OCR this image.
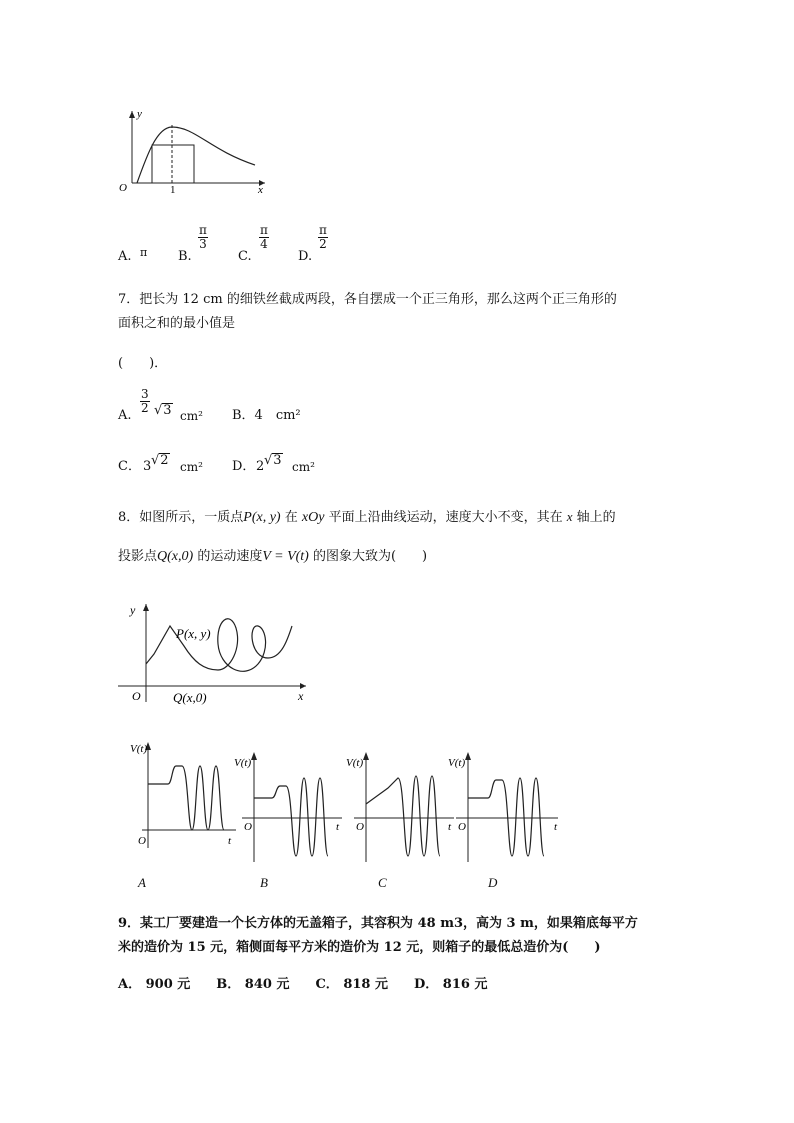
y
O	1	x
A. π B.
$\frac{\pi}{3}$
C.
$\frac{\pi}{4}$
D.
$\frac{\pi}{2}$
7．把长为 12 cm 的细铁丝截成两段，各自摆成一个正三角形，那么这两个正三角形的
面积之和的最小值是
(　　)．
A.
$\frac{3}{2} √3$ cm² B．4　cm²
C． 3 √2 cm² D． 2 √3 cm²
8．如图所示，一质点P(x, y) 在 xOy 平面上沿曲线运动，速度大小不变，其在 x 轴上的
投影点Q(x,0) 的运动速度V = V(t) 的图象大致为(　　)
y
P(x, y)
O Q(x,0)	x
V(t)
O	t
A
V(t)
O	t
B
V(t)
O	t
C
V(t)
O	t
D
9．某工厂要建造一个长方体的无盖箱子，其容积为 48 m3，高为 3 m，如果箱底每平方
米的造价为 15 元，箱侧面每平方米的造价为 12 元，则箱子的最低总造价为(　　)
A． 900 元　　B． 840 元　　C． 818 元　　D． 816 元
